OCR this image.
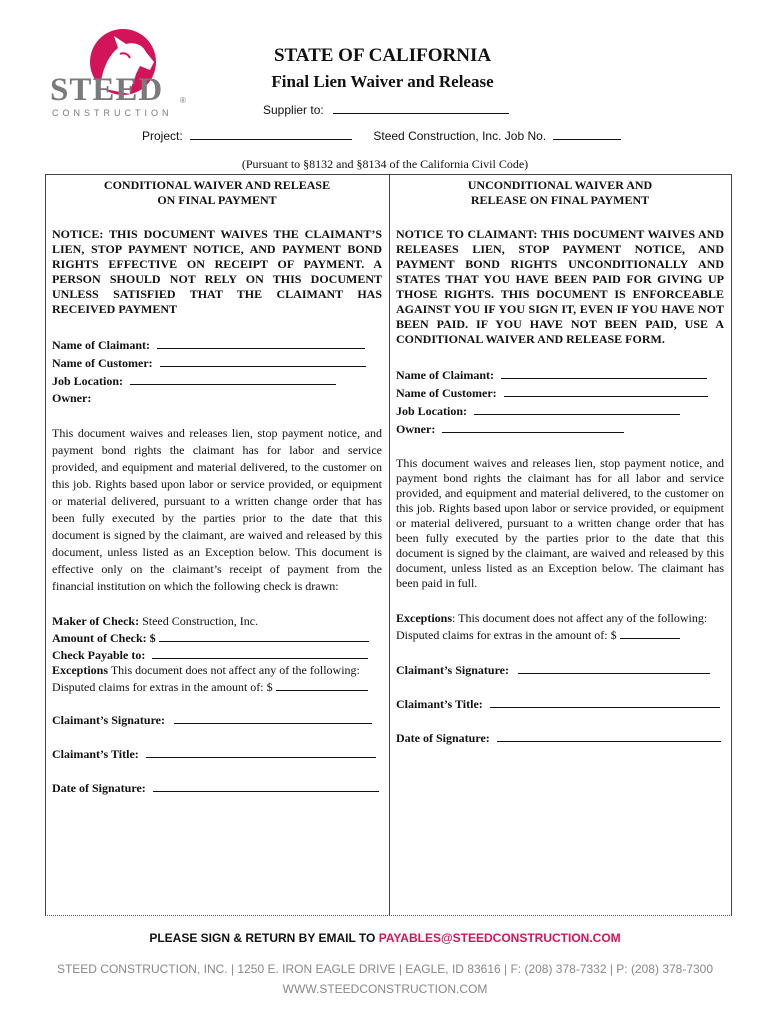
STEED ®
CONSTRUCTION
STATE OF CALIFORNIA
Final Lien Waiver and Release
Supplier to:
Project:	Steed Construction, Inc. Job No.
(Pursuant to §8132 and §8134 of the California Civil Code)
CONDITIONAL WAIVER AND RELEASE
ON FINAL PAYMENT
NOTICE: THIS DOCUMENT WAIVES THE CLAIMANT’S LIEN, STOP PAYMENT NOTICE, AND PAYMENT BOND RIGHTS EFFECTIVE ON RECEIPT OF PAYMENT. A PERSON SHOULD NOT RELY ON THIS DOCUMENT UNLESS SATISFIED THAT THE CLAIMANT HAS RECEIVED PAYMENT
Name of Claimant:
Name of Customer:
Job Location:
Owner:
This document waives and releases lien, stop payment notice, and payment bond rights the claimant has for labor and service provided, and equipment and material delivered, to the customer on this job. Rights based upon labor or service provided, or equipment or material delivered, pursuant to a written change order that has been fully executed by the parties prior to the date that this document is signed by the claimant, are waived and released by this document, unless listed as an Exception below. This document is effective only on the claimant’s receipt of payment from the financial institution on which the following check is drawn:
Maker of Check: Steed Construction, Inc.
Amount of Check: $
Check Payable to:
Exceptions This document does not affect any of the following:
Disputed claims for extras in the amount of: $
Claimant’s Signature:
Claimant’s Title:
Date of Signature:
UNCONDITIONAL WAIVER AND
RELEASE ON FINAL PAYMENT
NOTICE TO CLAIMANT: THIS DOCUMENT WAIVES AND RELEASES LIEN, STOP PAYMENT NOTICE, AND PAYMENT BOND RIGHTS UNCONDITIONALLY AND STATES THAT YOU HAVE BEEN PAID FOR GIVING UP THOSE RIGHTS. THIS DOCUMENT IS ENFORCEABLE AGAINST YOU IF YOU SIGN IT, EVEN IF YOU HAVE NOT BEEN PAID. IF YOU HAVE NOT BEEN PAID, USE A CONDITIONAL WAIVER AND RELEASE FORM.
Name of Claimant:
Name of Customer:
Job Location:
Owner:
This document waives and releases lien, stop payment notice, and payment bond rights the claimant has for all labor and service provided, and equipment and material delivered, to the customer on this job. Rights based upon labor or service provided, or equipment or material delivered, pursuant to a written change order that has been fully executed by the parties prior to the date that this document is signed by the claimant, are waived and released by this document, unless listed as an Exception below. The claimant has been paid in full.
Exceptions: This document does not affect any of the following:
Disputed claims for extras in the amount of: $
Claimant’s Signature:
Claimant’s Title:
Date of Signature:
PLEASE SIGN & RETURN BY EMAIL TO PAYABLES@STEEDCONSTRUCTION.COM
STEED CONSTRUCTION, INC. | 1250 E. IRON EAGLE DRIVE | EAGLE, ID 83616 | F: (208) 378-7332 | P: (208) 378-7300
WWW.STEEDCONSTRUCTION.COM
